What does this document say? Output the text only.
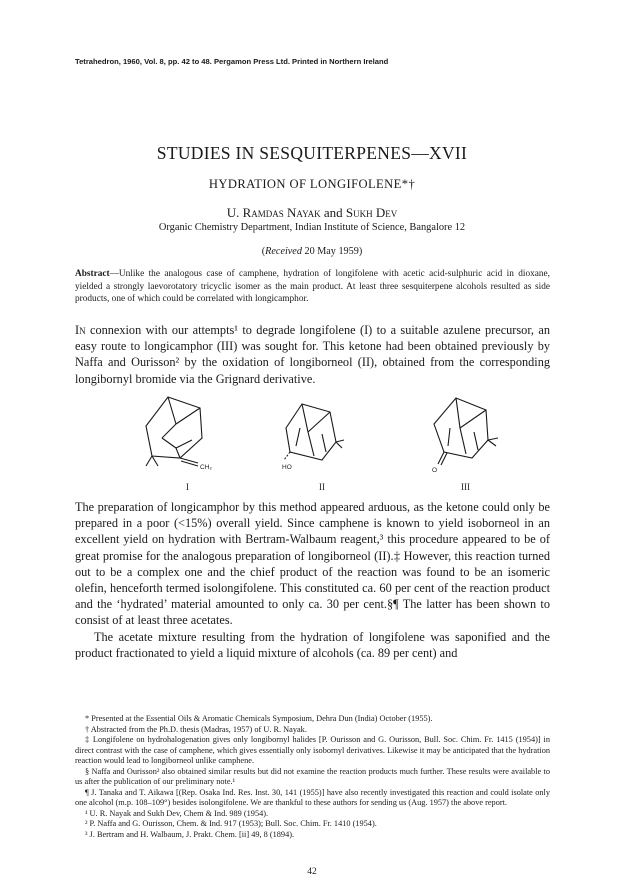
Tetrahedron, 1960, Vol. 8, pp. 42 to 48. Pergamon Press Ltd. Printed in Northern Ireland
STUDIES IN SESQUITERPENES—XVII
HYDRATION OF LONGIFOLENE*†
U. Ramdas Nayak and Sukh Dev
Organic Chemistry Department, Indian Institute of Science, Bangalore 12
(Received 20 May 1959)
Abstract—Unlike the analogous case of camphene, hydration of longifolene with acetic acid-sulphuric acid in dioxane, yielded a strongly laevorotatory tricyclic isomer as the main product. At least three sesquiterpene alcohols resulted as side products, one of which could be correlated with longicamphor.
In connexion with our attempts¹ to degrade longifolene (I) to a suitable azulene precursor, an easy route to longicamphor (III) was sought for. This ketone had been obtained previously by Naffa and Ourisson² by the oxidation of longiborneol (II), obtained from the corresponding longibornyl bromide via the Grignard derivative.
CH₂	HO	O
I	II	III
The preparation of longicamphor by this method appeared arduous, as the ketone could only be prepared in a poor (<15%) overall yield. Since camphene is known to yield isoborneol in an excellent yield on hydration with Bertram-Walbaum reagent,³ this procedure appeared to be of great promise for the analogous preparation of longiborneol (II).‡ However, this reaction turned out to be a complex one and the chief product of the reaction was found to be an isomeric olefin, henceforth termed isolongifolene. This constituted ca. 60 per cent of the reaction product and the ‘hydrated’ material amounted to only ca. 30 per cent.§¶ The latter has been shown to consist of at least three acetates.
The acetate mixture resulting from the hydration of longifolene was saponified and the product fractionated to yield a liquid mixture of alcohols (ca. 89 per cent) and

* Presented at the Essential Oils & Aromatic Chemicals Symposium, Dehra Dun (India) October (1955).

† Abstracted from the Ph.D. thesis (Madras, 1957) of U. R. Nayak.

‡ Longifolene on hydrohalogenation gives only longibornyl halides [P. Ourisson and G. Ourisson, Bull. Soc. Chim. Fr. 1415 (1954)] in direct contrast with the case of camphene, which gives essentially only isobornyl derivatives. Likewise it may be anticipated that the hydration reaction would lead to longiborneol unlike camphene.

§ Naffa and Ourisson² also obtained similar results but did not examine the reaction products much further. These results were available to us after the publication of our preliminary note.¹

¶ J. Tanaka and T. Aikawa [(Rep. Osaka Ind. Res. Inst. 30, 141 (1955)] have also recently investigated this reaction and could isolate only one alcohol (m.p. 108–109°) besides isolongifolene. We are thankful to these authors for sending us (Aug. 1957) the above report.

¹ U. R. Nayak and Sukh Dev, Chem & Ind. 989 (1954).

² P. Naffa and G. Ourisson, Chem. & Ind. 917 (1953); Bull. Soc. Chim. Fr. 1410 (1954).

³ J. Bertram and H. Walbaum, J. Prakt. Chem. [ii] 49, 8 (1894).

42
